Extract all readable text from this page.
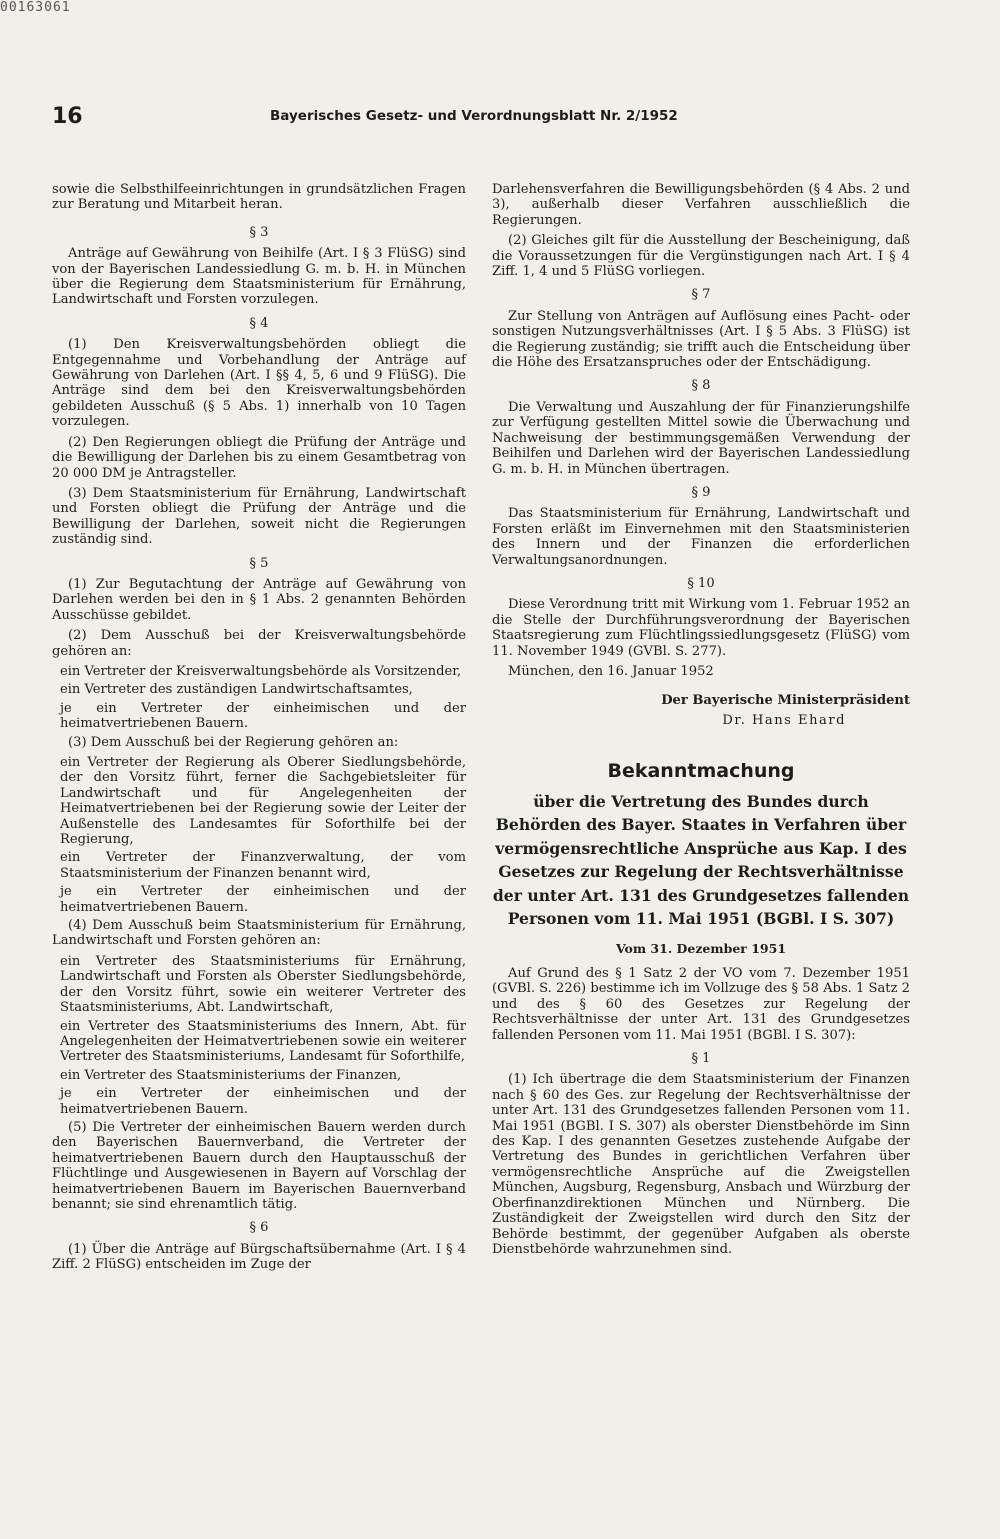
00163061
16	Bayerisches Gesetz- und Verordnungsblatt Nr. 2/1952

sowie die Selbsthilfeeinrichtungen in grundsätzlichen Fragen zur Beratung und Mitarbeit heran.

§ 3

Anträge auf Gewährung von Beihilfe (Art. I § 3 FlüSG) sind von der Bayerischen Landessiedlung G. m. b. H. in München über die Regierung dem Staatsministerium für Ernährung, Landwirtschaft und Forsten vorzulegen.

§ 4

(1) Den Kreisverwaltungsbehörden obliegt die Entgegennahme und Vorbehandlung der Anträge auf Gewährung von Darlehen (Art. I §§ 4, 5, 6 und 9 FlüSG). Die Anträge sind dem bei den Kreisverwaltungsbehörden gebildeten Ausschuß (§ 5 Abs. 1) innerhalb von 10 Tagen vorzulegen.

(2) Den Regierungen obliegt die Prüfung der Anträge und die Bewilligung der Darlehen bis zu einem Gesamtbetrag von 20 000 DM je Antragsteller.

(3) Dem Staatsministerium für Ernährung, Landwirtschaft und Forsten obliegt die Prüfung der Anträge und die Bewilligung der Darlehen, soweit nicht die Regierungen zuständig sind.

§ 5

(1) Zur Begutachtung der Anträge auf Gewährung von Darlehen werden bei den in § 1 Abs. 2 genannten Behörden Ausschüsse gebildet.

(2) Dem Ausschuß bei der Kreisverwaltungsbehörde gehören an:

ein Vertreter der Kreisverwaltungsbehörde als Vorsitzender,

ein Vertreter des zuständigen Landwirtschaftsamtes,

je ein Vertreter der einheimischen und der heimatvertriebenen Bauern.

(3) Dem Ausschuß bei der Regierung gehören an:

ein Vertreter der Regierung als Oberer Siedlungsbehörde, der den Vorsitz führt, ferner die Sachgebietsleiter für Landwirtschaft und für Angelegenheiten der Heimatvertriebenen bei der Regierung sowie der Leiter der Außenstelle des Landesamtes für Soforthilfe bei der Regierung,

ein Vertreter der Finanzverwaltung, der vom Staatsministerium der Finanzen benannt wird,

je ein Vertreter der einheimischen und der heimatvertriebenen Bauern.

(4) Dem Ausschuß beim Staatsministerium für Ernährung, Landwirtschaft und Forsten gehören an:

ein Vertreter des Staatsministeriums für Ernährung, Landwirtschaft und Forsten als Oberster Siedlungsbehörde, der den Vorsitz führt, sowie ein weiterer Vertreter des Staatsministeriums, Abt. Landwirtschaft,

ein Vertreter des Staatsministeriums des Innern, Abt. für Angelegenheiten der Heimatvertriebenen sowie ein weiterer Vertreter des Staatsministeriums, Landesamt für Soforthilfe,

ein Vertreter des Staatsministeriums der Finanzen,

je ein Vertreter der einheimischen und der heimatvertriebenen Bauern.

(5) Die Vertreter der einheimischen Bauern werden durch den Bayerischen Bauernverband, die Vertreter der heimatvertriebenen Bauern durch den Hauptausschuß der Flüchtlinge und Ausgewiesenen in Bayern auf Vorschlag der heimatvertriebenen Bauern im Bayerischen Bauernverband benannt; sie sind ehrenamtlich tätig.

§ 6

(1) Über die Anträge auf Bürgschaftsübernahme (Art. I § 4 Ziff. 2 FlüSG) entscheiden im Zuge der

Darlehensverfahren die Bewilligungsbehörden (§ 4 Abs. 2 und 3), außerhalb dieser Verfahren ausschließlich die Regierungen.

(2) Gleiches gilt für die Ausstellung der Bescheinigung, daß die Voraussetzungen für die Vergünstigungen nach Art. I § 4 Ziff. 1, 4 und 5 FlüSG vorliegen.

§ 7

Zur Stellung von Anträgen auf Auflösung eines Pacht- oder sonstigen Nutzungsverhältnisses (Art. I § 5 Abs. 3 FlüSG) ist die Regierung zuständig; sie trifft auch die Entscheidung über die Höhe des Ersatzanspruches oder der Entschädigung.

§ 8

Die Verwaltung und Auszahlung der für Finanzierungshilfe zur Verfügung gestellten Mittel sowie die Überwachung und Nachweisung der bestimmungsgemäßen Verwendung der Beihilfen und Darlehen wird der Bayerischen Landessiedlung G. m. b. H. in München übertragen.

§ 9

Das Staatsministerium für Ernährung, Landwirtschaft und Forsten erläßt im Einvernehmen mit den Staatsministerien des Innern und der Finanzen die erforderlichen Verwaltungsanordnungen.

§ 10

Diese Verordnung tritt mit Wirkung vom 1. Februar 1952 an die Stelle der Durchführungsverordnung der Bayerischen Staatsregierung zum Flüchtlingssiedlungsgesetz (FlüSG) vom 11. November 1949 (GVBl. S. 277).

München, den 16. Januar 1952

Der Bayerische Ministerpräsident
Dr. Hans Ehard
Bekanntmachung
über die Vertretung des Bundes durch Behörden des Bayer. Staates in Verfahren über vermögensrechtliche Ansprüche aus Kap. I des Gesetzes zur Regelung der Rechtsverhältnisse der unter Art. 131 des Grundgesetzes fallenden Personen vom 11. Mai 1951 (BGBl. I S. 307)
Vom 31. Dezember 1951

Auf Grund des § 1 Satz 2 der VO vom 7. Dezember 1951 (GVBl. S. 226) bestimme ich im Vollzuge des § 58 Abs. 1 Satz 2 und des § 60 des Gesetzes zur Regelung der Rechtsverhältnisse der unter Art. 131 des Grundgesetzes fallenden Personen vom 11. Mai 1951 (BGBl. I S. 307):

§ 1

(1) Ich übertrage die dem Staatsministerium der Finanzen nach § 60 des Ges. zur Regelung der Rechtsverhältnisse der unter Art. 131 des Grundgesetzes fallenden Personen vom 11. Mai 1951 (BGBl. I S. 307) als oberster Dienstbehörde im Sinn des Kap. I des genannten Gesetzes zustehende Aufgabe der Vertretung des Bundes in gerichtlichen Verfahren über vermögensrechtliche Ansprüche auf die Zweigstellen München, Augsburg, Regensburg, Ansbach und Würzburg der Oberfinanzdirektionen München und Nürnberg. Die Zuständigkeit der Zweigstellen wird durch den Sitz der Behörde bestimmt, der gegenüber Aufgaben als oberste Dienstbehörde wahrzunehmen sind.
